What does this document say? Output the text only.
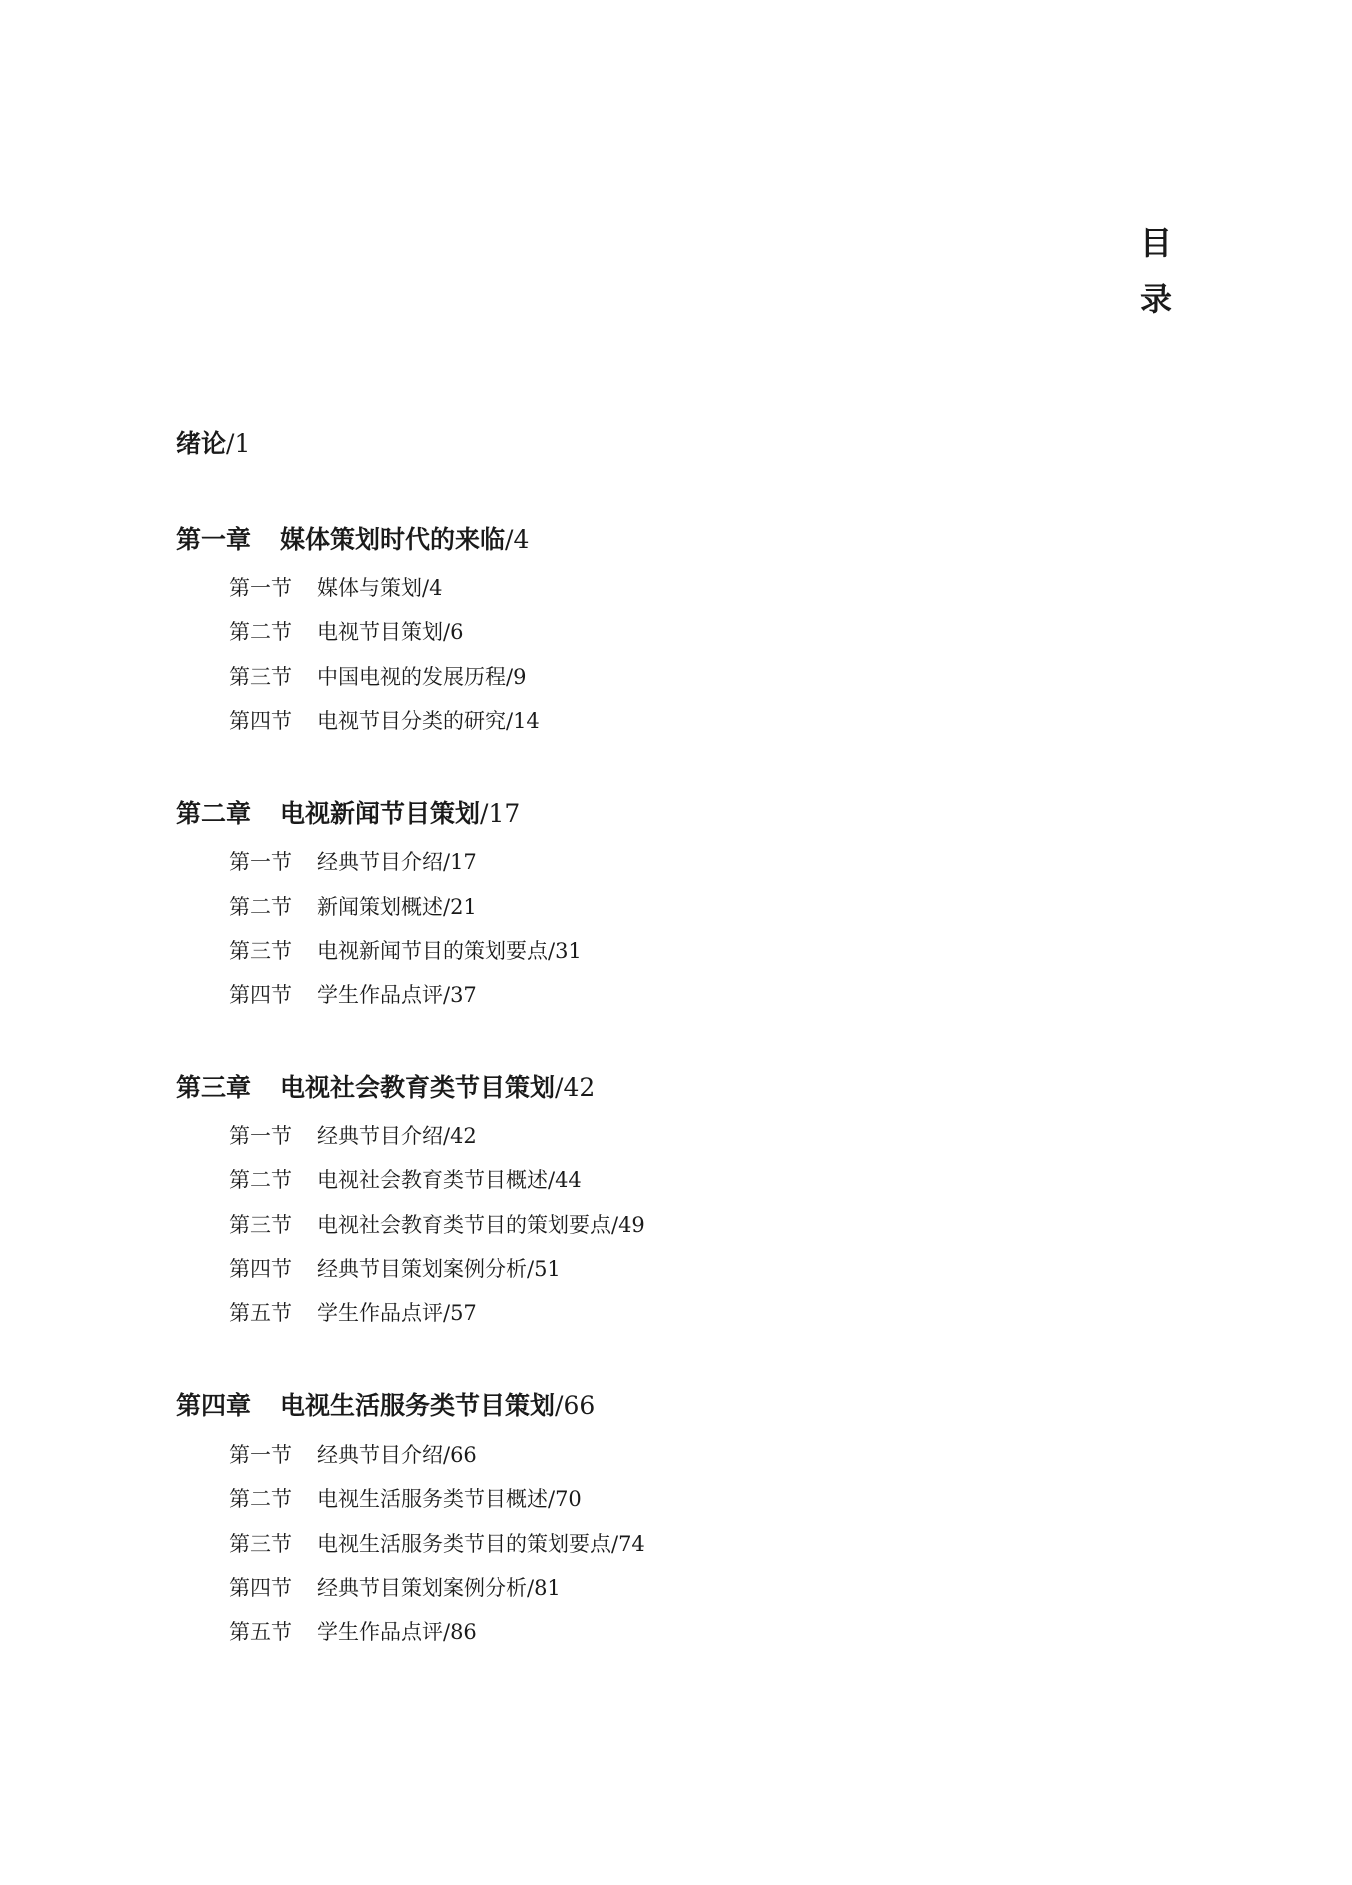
目
录
绪论/1
第一章 媒体策划时代的来临/4
第一节 媒体与策划/4
第二节 电视节目策划/6
第三节 中国电视的发展历程/9
第四节 电视节目分类的研究/14
第二章 电视新闻节目策划/17
第一节 经典节目介绍/17
第二节 新闻策划概述/21
第三节 电视新闻节目的策划要点/31
第四节 学生作品点评/37
第三章 电视社会教育类节目策划/42
第一节 经典节目介绍/42
第二节 电视社会教育类节目概述/44
第三节 电视社会教育类节目的策划要点/49
第四节 经典节目策划案例分析/51
第五节 学生作品点评/57
第四章 电视生活服务类节目策划/66
第一节 经典节目介绍/66
第二节 电视生活服务类节目概述/70
第三节 电视生活服务类节目的策划要点/74
第四节 经典节目策划案例分析/81
第五节 学生作品点评/86
